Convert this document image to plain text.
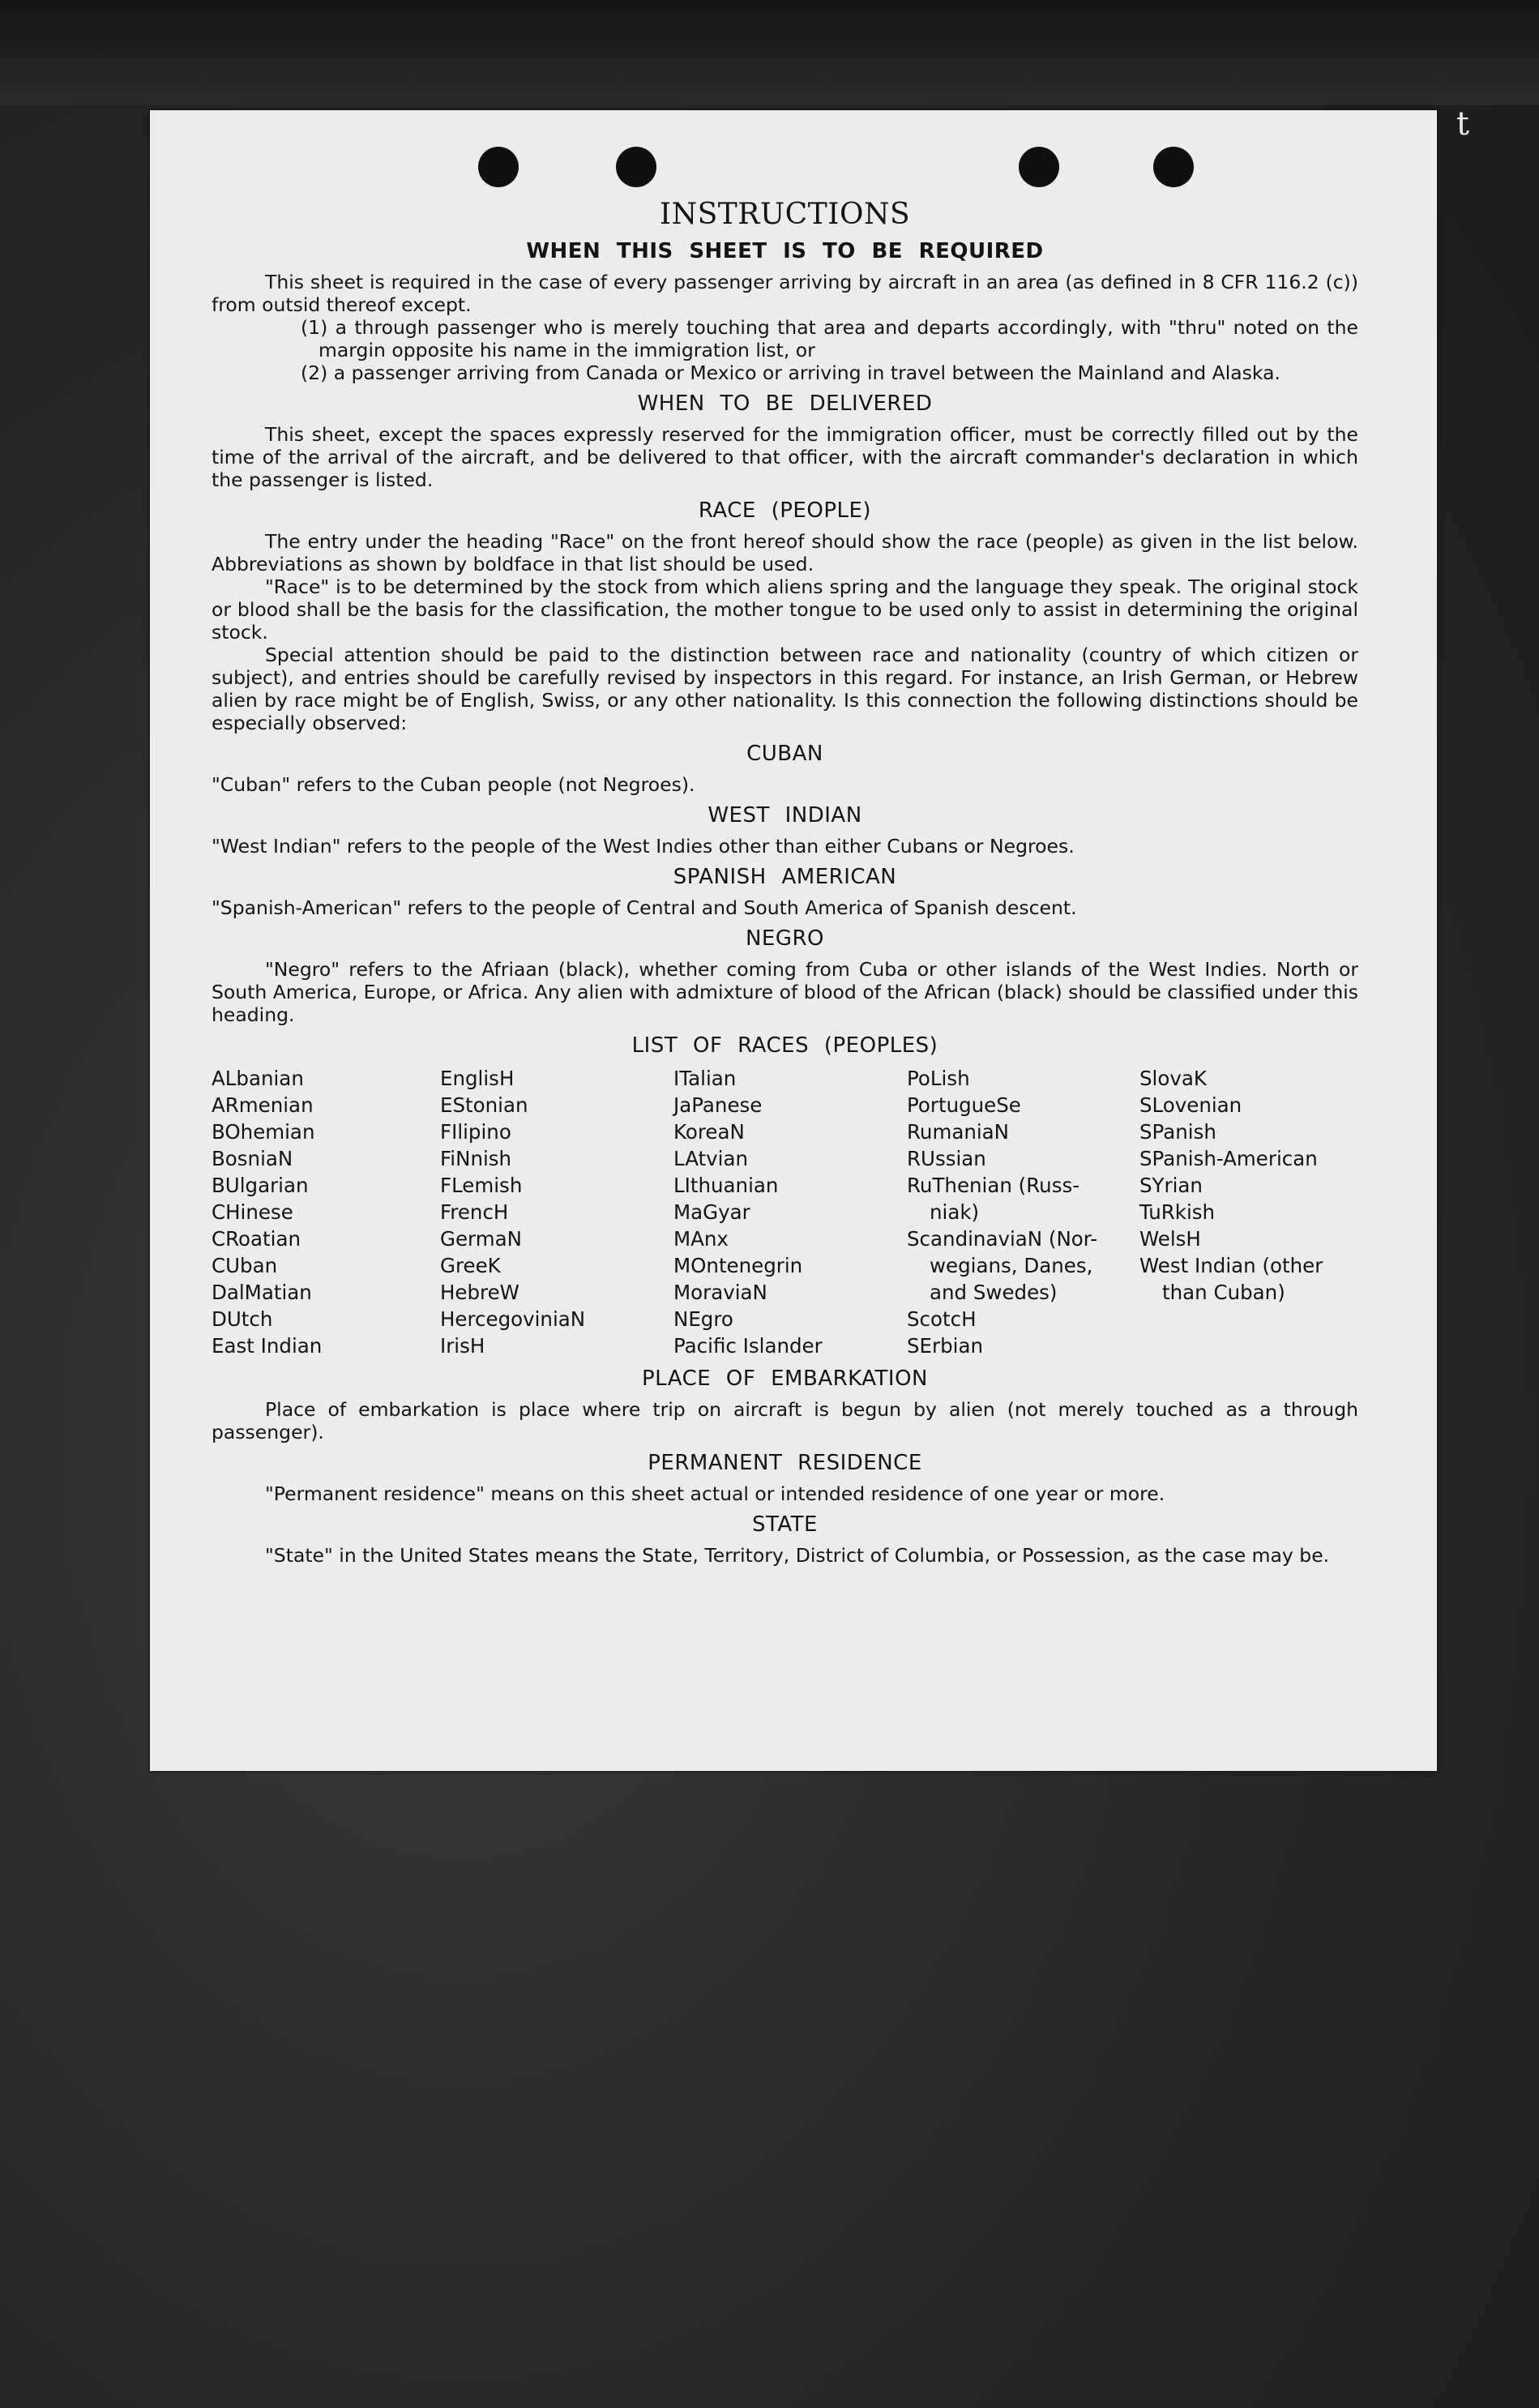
t
INSTRUCTIONS
WHEN THIS SHEET IS TO BE REQUIRED

This sheet is required in the case of every passenger arriving by aircraft in an area (as defined in 8 CFR 116.2 (c)) from outsid thereof except.

(1) a through passenger who is merely touching that area and departs accordingly, with "thru" noted on the margin opposite his name in the immigration list, or

(2) a passenger arriving from Canada or Mexico or arriving in travel between the Mainland and Alaska.

WHEN TO BE DELIVERED

This sheet, except the spaces expressly reserved for the immigration officer, must be correctly filled out by the time of the arrival of the aircraft, and be delivered to that officer, with the aircraft commander's declaration in which the passenger is listed.

RACE (PEOPLE)

The entry under the heading "Race" on the front hereof should show the race (people) as given in the list below. Abbreviations as shown by boldface in that list should be used.

"Race" is to be determined by the stock from which aliens spring and the language they speak. The original stock or blood shall be the basis for the classification, the mother tongue to be used only to assist in determining the original stock.

Special attention should be paid to the distinction between race and nationality (country of which citizen or subject), and entries should be carefully revised by inspectors in this regard. For instance, an Irish German, or Hebrew alien by race might be of English, Swiss, or any other nationality. Is this connection the following distinctions should be especially observed:

CUBAN

"Cuban" refers to the Cuban people (not Negroes).

WEST INDIAN

"West Indian" refers to the people of the West Indies other than either Cubans or Negroes.

SPANISH AMERICAN

"Spanish-American" refers to the people of Central and South America of Spanish descent.

NEGRO

"Negro" refers to the Afriaan (black), whether coming from Cuba or other islands of the West Indies. North or South America, Europe, or Africa. Any alien with admixture of blood of the African (black) should be classified under this heading.

LIST OF RACES (PEOPLES)
ALbanian
ARmenian
BOhemian
BosniaN
BUlgarian
CHinese
CRoatian
CUban
DalMatian
DUtch
East Indian
EnglisH
EStonian
FIlipino
FiNnish
FLemish
FrencH
GermaN
GreeK
HebreW
HercegoviniaN
IrisH
ITalian
JaPanese
KoreaN
LAtvian
LIthuanian
MaGyar
MAnx
MOntenegrin
MoraviaN
NEgro
Pacific Islander
PoLish
PortugueSe
RumaniaN
RUssian
RuThenian (Russ-
niak)
ScandinaviaN (Nor-
wegians, Danes,
and Swedes)
ScotcH
SErbian
SlovaK
SLovenian
SPanish
SPanish-American
SYrian
TuRkish
WelsH
West Indian (other
than Cuban)
PLACE OF EMBARKATION

Place of embarkation is place where trip on aircraft is begun by alien (not merely touched as a through passenger).

PERMANENT RESIDENCE

"Permanent residence" means on this sheet actual or intended residence of one year or more.

STATE

"State" in the United States means the State, Territory, District of Columbia, or Possession, as the case may be.
